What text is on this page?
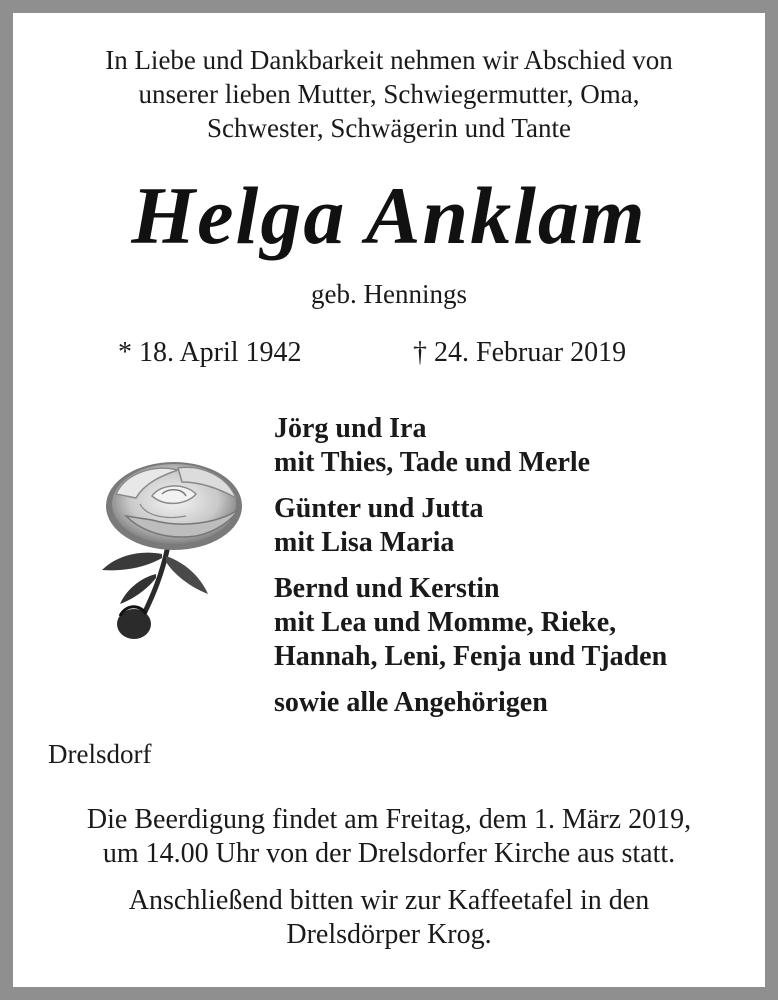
In Liebe und Dankbarkeit nehmen wir Abschied von
unserer lieben Mutter, Schwiegermutter, Oma,
Schwester, Schwägerin und Tante
Helga Anklam
geb. Hennings
* 18. April 1942	† 24. Februar 2019
Jörg und Ira
mit Thies, Tade und Merle
Günter und Jutta
mit Lisa Maria
Bernd und Kerstin
mit Lea und Momme, Rieke,
Hannah, Leni, Fenja und Tjaden
sowie alle Angehörigen
Drelsdorf
Die Beerdigung findet am Freitag, dem 1. März 2019,
um 14.00 Uhr von der Drelsdorfer Kirche aus statt.
Anschließend bitten wir zur Kaffeetafel in den
Drelsdörper Krog.
